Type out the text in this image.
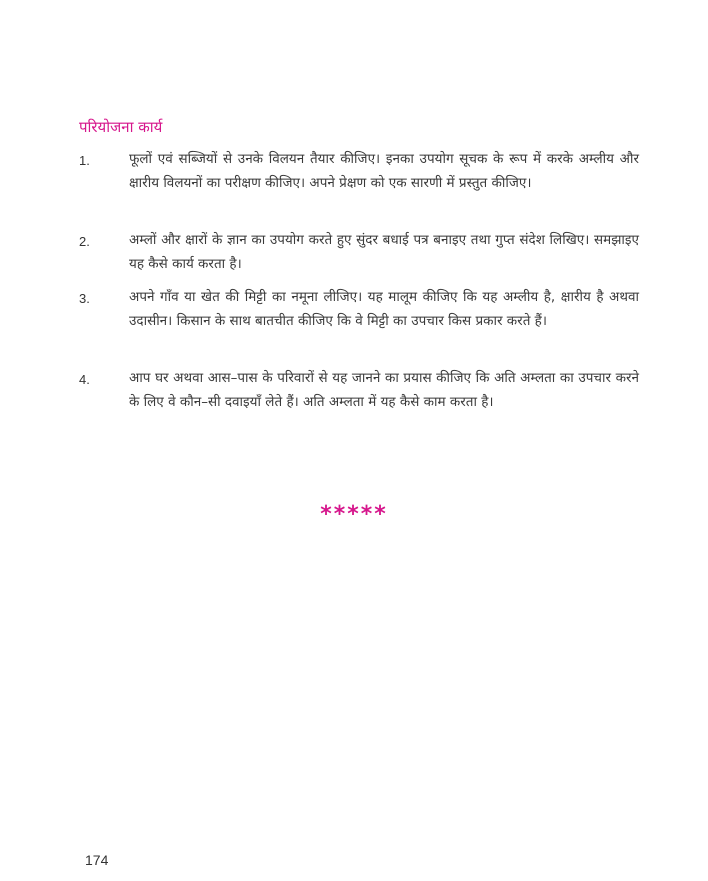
परियोजना कार्य
1.	फूलों एवं सब्जियों से उनके विलयन तैयार कीजिए। इनका उपयोग सूचक के रूप में करके अम्लीय और क्षारीय विलयनों का परीक्षण कीजिए। अपने प्रेक्षण को एक सारणी में प्रस्तुत कीजिए।
2.	अम्लों और क्षारों के ज्ञान का उपयोग करते हुए सुंदर बधाई पत्र बनाइए तथा गुप्त संदेश लिखिए। समझाइए यह कैसे कार्य करता है।
3.	अपने गाँव या खेत की मिट्टी का नमूना लीजिए। यह मालूम कीजिए कि यह अम्लीय है, क्षारीय है अथवा उदासीन। किसान के साथ बातचीत कीजिए कि वे मिट्टी का उपचार किस प्रकार करते हैं।
4.	आप घर अथवा आस–पास के परिवारों से यह जानने का प्रयास कीजिए कि अति अम्लता का उपचार करने के लिए वे कौन–सी दवाइयाँ लेते हैं। अति अम्लता में यह कैसे काम करता है।
*****
174
